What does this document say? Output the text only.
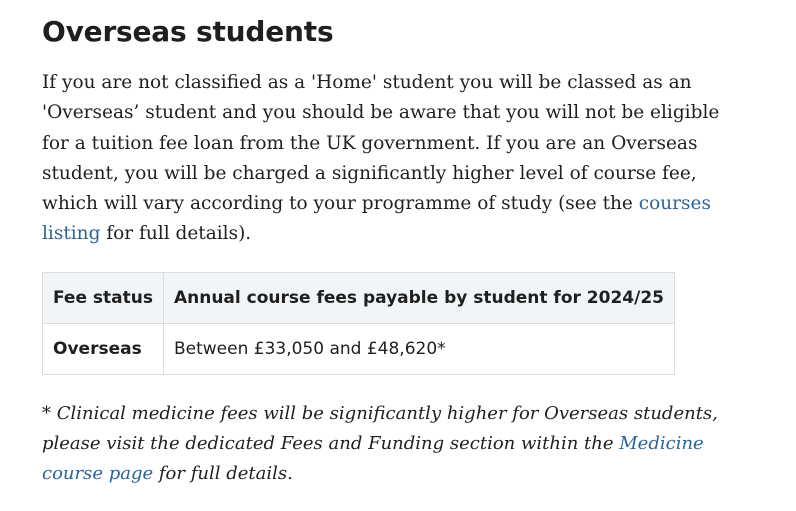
Overseas students

If you are not classified as a 'Home' student you will be classed as an 'Overseas’ student and you should be aware that you will not be eligible for a tuition fee loan from the UK government. If you are an Overseas student, you will be charged a significantly higher level of course fee, which will vary according to your programme of study (see the courses listing for full details).

Fee status	Annual course fees payable by student for 2024/25
Overseas	Between £33,050 and £48,620*

* Clinical medicine fees will be significantly higher for Overseas students, please visit the dedicated Fees and Funding section within the Medicine course page for full details.
